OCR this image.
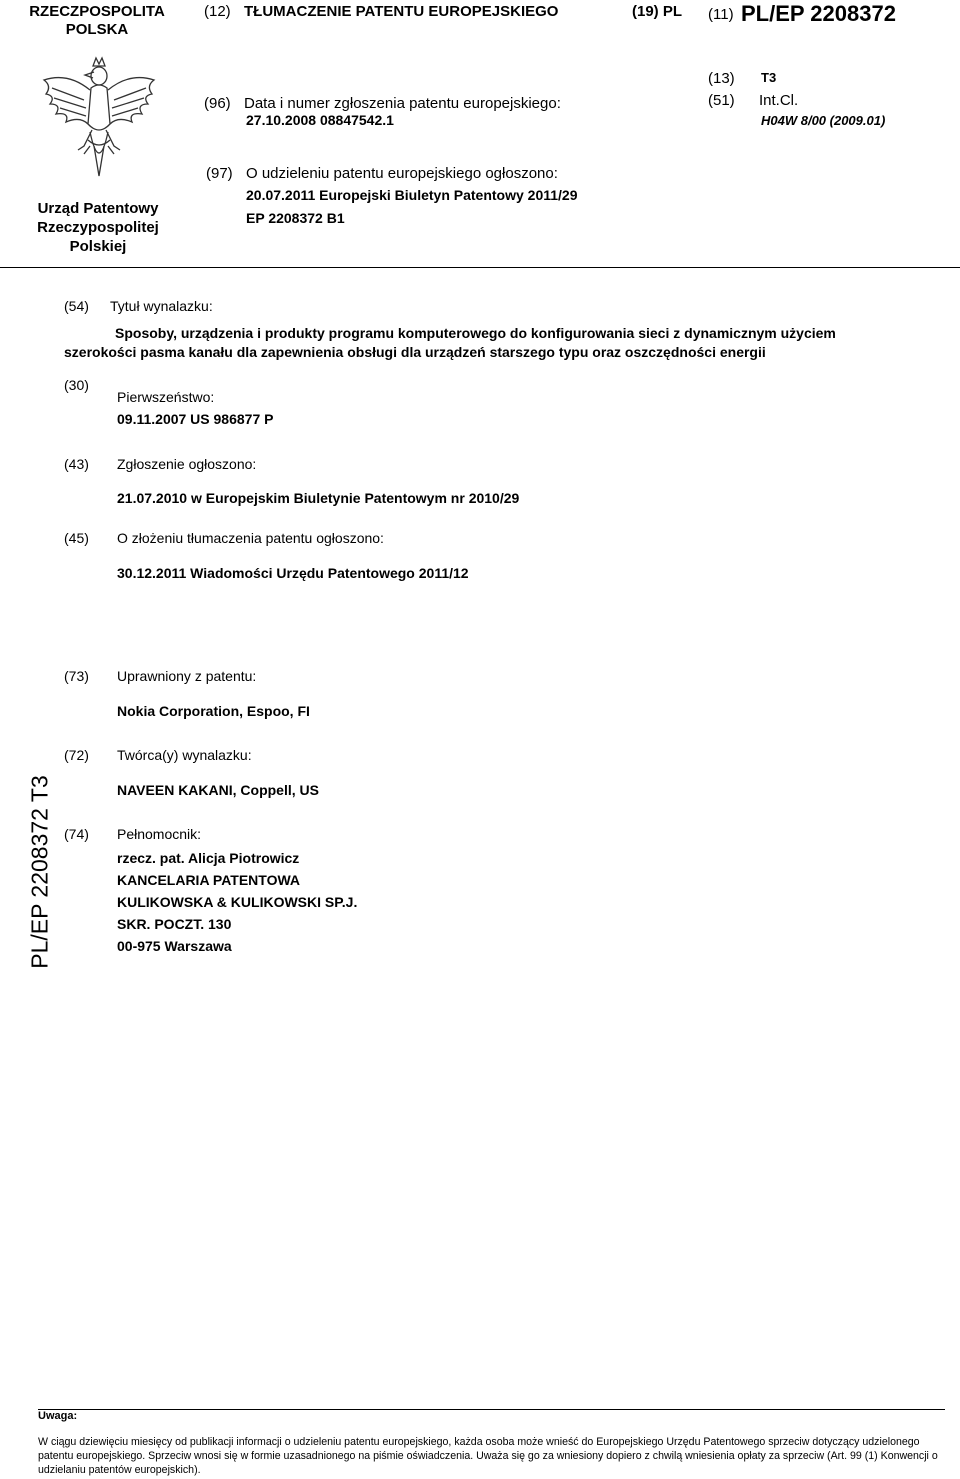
RZECZPOSPOLITA
POLSKA
(12) TŁUMACZENIE PATENTU EUROPEJSKIEGO	(19) PL (11) PL/EP 2208372
Urząd Patentowy
Rzeczypospolitej
Polskiej
(96) Data i numer zgłoszenia patentu europejskiego:
27.10.2008 08847542.1
(13) T3
(51) Int.Cl.
H04W 8/00 (2009.01)
(97) O udzieleniu patentu europejskiego ogłoszono:
20.07.2011 Europejski Biuletyn Patentowy 2011/29
EP 2208372 B1
(54) Tytuł wynalazku:
Sposoby, urządzenia i produkty programu komputerowego do konfigurowania sieci z dynamicznym użyciem
szerokości pasma kanału dla zapewnienia obsługi dla urządzeń starszego typu oraz oszczędności energii
(30)
Pierwszeństwo:
09.11.2007 US 986877 P
(43) Zgłoszenie ogłoszono:
21.07.2010 w Europejskim Biuletynie Patentowym nr 2010/29
(45) O złożeniu tłumaczenia patentu ogłoszono:
30.12.2011 Wiadomości Urzędu Patentowego 2011/12
(73) Uprawniony z patentu:
Nokia Corporation, Espoo, FI
(72) Twórca(y) wynalazku:
NAVEEN KAKANI, Coppell, US
(74) Pełnomocnik:
rzecz. pat. Alicja Piotrowicz
KANCELARIA PATENTOWA
KULIKOWSKA & KULIKOWSKI SP.J.
SKR. POCZT. 130
00-975 Warszawa
PL/EP 2208372 T3
Uwaga:
W ciągu dziewięciu miesięcy od publikacji informacji o udzieleniu patentu europejskiego, każda osoba może wnieść do Europejskiego Urzędu Patentowego sprzeciw dotyczący udzielonego patentu europejskiego. Sprzeciw wnosi się w formie uzasadnionego na piśmie oświadczenia. Uważa się go za wniesiony dopiero z chwilą wniesienia opłaty za sprzeciw (Art. 99 (1) Konwencji o udzielaniu patentów europejskich).
